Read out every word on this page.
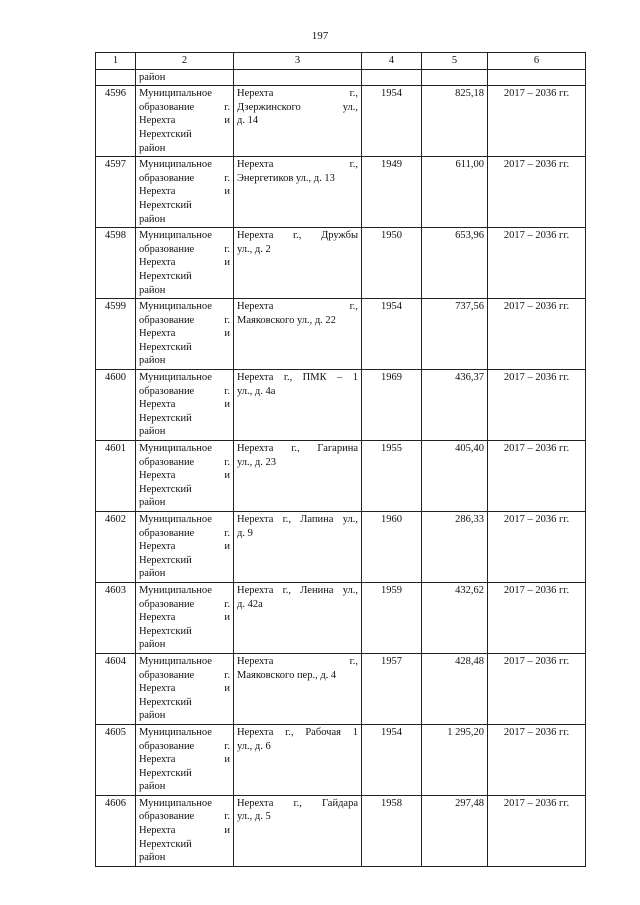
197
1	2	3	4	5	6
	район				
4596	Муниципальное
образование г.
Нерехта и
Нерехтский
район	Нерехта г.,
Дзержинского ул.,
д. 14	1954	825,18	2017 – 2036 гг.
4597	Муниципальное
образование г.
Нерехта и
Нерехтский
район	Нерехта г.,
Энергетиков ул., д. 13	1949	611,00	2017 – 2036 гг.
4598	Муниципальное
образование г.
Нерехта и
Нерехтский
район	Нерехта г., Дружбы
ул., д. 2	1950	653,96	2017 – 2036 гг.
4599	Муниципальное
образование г.
Нерехта и
Нерехтский
район	Нерехта г.,
Маяковского ул., д. 22	1954	737,56	2017 – 2036 гг.
4600	Муниципальное
образование г.
Нерехта и
Нерехтский
район	Нерехта г., ПМК – 1
ул., д. 4а	1969	436,37	2017 – 2036 гг.
4601	Муниципальное
образование г.
Нерехта и
Нерехтский
район	Нерехта г., Гагарина
ул., д. 23	1955	405,40	2017 – 2036 гг.
4602	Муниципальное
образование г.
Нерехта и
Нерехтский
район	Нерехта г., Лапина ул.,
д. 9	1960	286,33	2017 – 2036 гг.
4603	Муниципальное
образование г.
Нерехта и
Нерехтский
район	Нерехта г., Ленина ул.,
д. 42а	1959	432,62	2017 – 2036 гг.
4604	Муниципальное
образование г.
Нерехта и
Нерехтский
район	Нерехта г.,
Маяковского пер., д. 4	1957	428,48	2017 – 2036 гг.
4605	Муниципальное
образование г.
Нерехта и
Нерехтский
район	Нерехта г., Рабочая 1
ул., д. 6	1954	1 295,20	2017 – 2036 гг.
4606	Муниципальное
образование г.
Нерехта и
Нерехтский
район	Нерехта г., Гайдара
ул., д. 5	1958	297,48	2017 – 2036 гг.
